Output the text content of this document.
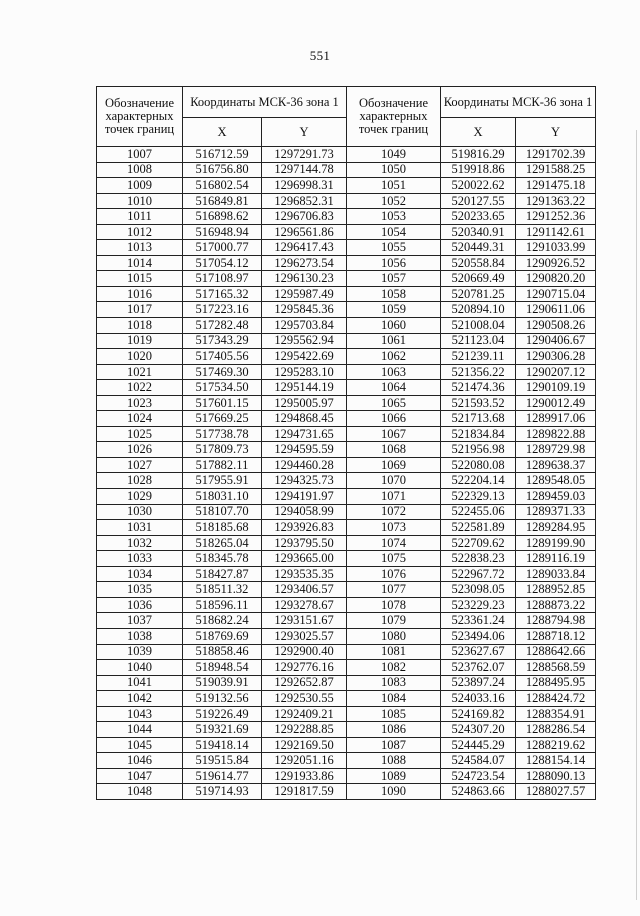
551
Обозначение характерных точек границ	Координаты МСК-36 зона 1	
	X	Y
1007	516712.59	1297291.73
1008	516756.80	1297144.78
1009	516802.54	1296998.31
1010	516849.81	1296852.31
1011	516898.62	1296706.83
1012	516948.94	1296561.86
1013	517000.77	1296417.43
1014	517054.12	1296273.54
1015	517108.97	1296130.23
1016	517165.32	1295987.49
1017	517223.16	1295845.36
1018	517282.48	1295703.84
1019	517343.29	1295562.94
1020	517405.56	1295422.69
1021	517469.30	1295283.10
1022	517534.50	1295144.19
1023	517601.15	1295005.97
1024	517669.25	1294868.45
1025	517738.78	1294731.65
1026	517809.73	1294595.59
1027	517882.11	1294460.28
1028	517955.91	1294325.73
1029	518031.10	1294191.97
1030	518107.70	1294058.99
1031	518185.68	1293926.83
1032	518265.04	1293795.50
1033	518345.78	1293665.00
1034	518427.87	1293535.35
1035	518511.32	1293406.57
1036	518596.11	1293278.67
1037	518682.24	1293151.67
1038	518769.69	1293025.57
1039	518858.46	1292900.40
1040	518948.54	1292776.16
1041	519039.91	1292652.87
1042	519132.56	1292530.55
1043	519226.49	1292409.21
1044	519321.69	1292288.85
1045	519418.14	1292169.50
1046	519515.84	1292051.16
1047	519614.77	1291933.86
1048	519714.93	1291817.59
Обозначение характерных точек границ	Координаты МСК-36 зона 1	
	X	Y
1049	519816.29	1291702.39
1050	519918.86	1291588.25
1051	520022.62	1291475.18
1052	520127.55	1291363.22
1053	520233.65	1291252.36
1054	520340.91	1291142.61
1055	520449.31	1291033.99
1056	520558.84	1290926.52
1057	520669.49	1290820.20
1058	520781.25	1290715.04
1059	520894.10	1290611.06
1060	521008.04	1290508.26
1061	521123.04	1290406.67
1062	521239.11	1290306.28
1063	521356.22	1290207.12
1064	521474.36	1290109.19
1065	521593.52	1290012.49
1066	521713.68	1289917.06
1067	521834.84	1289822.88
1068	521956.98	1289729.98
1069	522080.08	1289638.37
1070	522204.14	1289548.05
1071	522329.13	1289459.03
1072	522455.06	1289371.33
1073	522581.89	1289284.95
1074	522709.62	1289199.90
1075	522838.23	1289116.19
1076	522967.72	1289033.84
1077	523098.05	1288952.85
1078	523229.23	1288873.22
1079	523361.24	1288794.98
1080	523494.06	1288718.12
1081	523627.67	1288642.66
1082	523762.07	1288568.59
1083	523897.24	1288495.95
1084	524033.16	1288424.72
1085	524169.82	1288354.91
1086	524307.20	1288286.54
1087	524445.29	1288219.62
1088	524584.07	1288154.14
1089	524723.54	1288090.13
1090	524863.66	1288027.57
